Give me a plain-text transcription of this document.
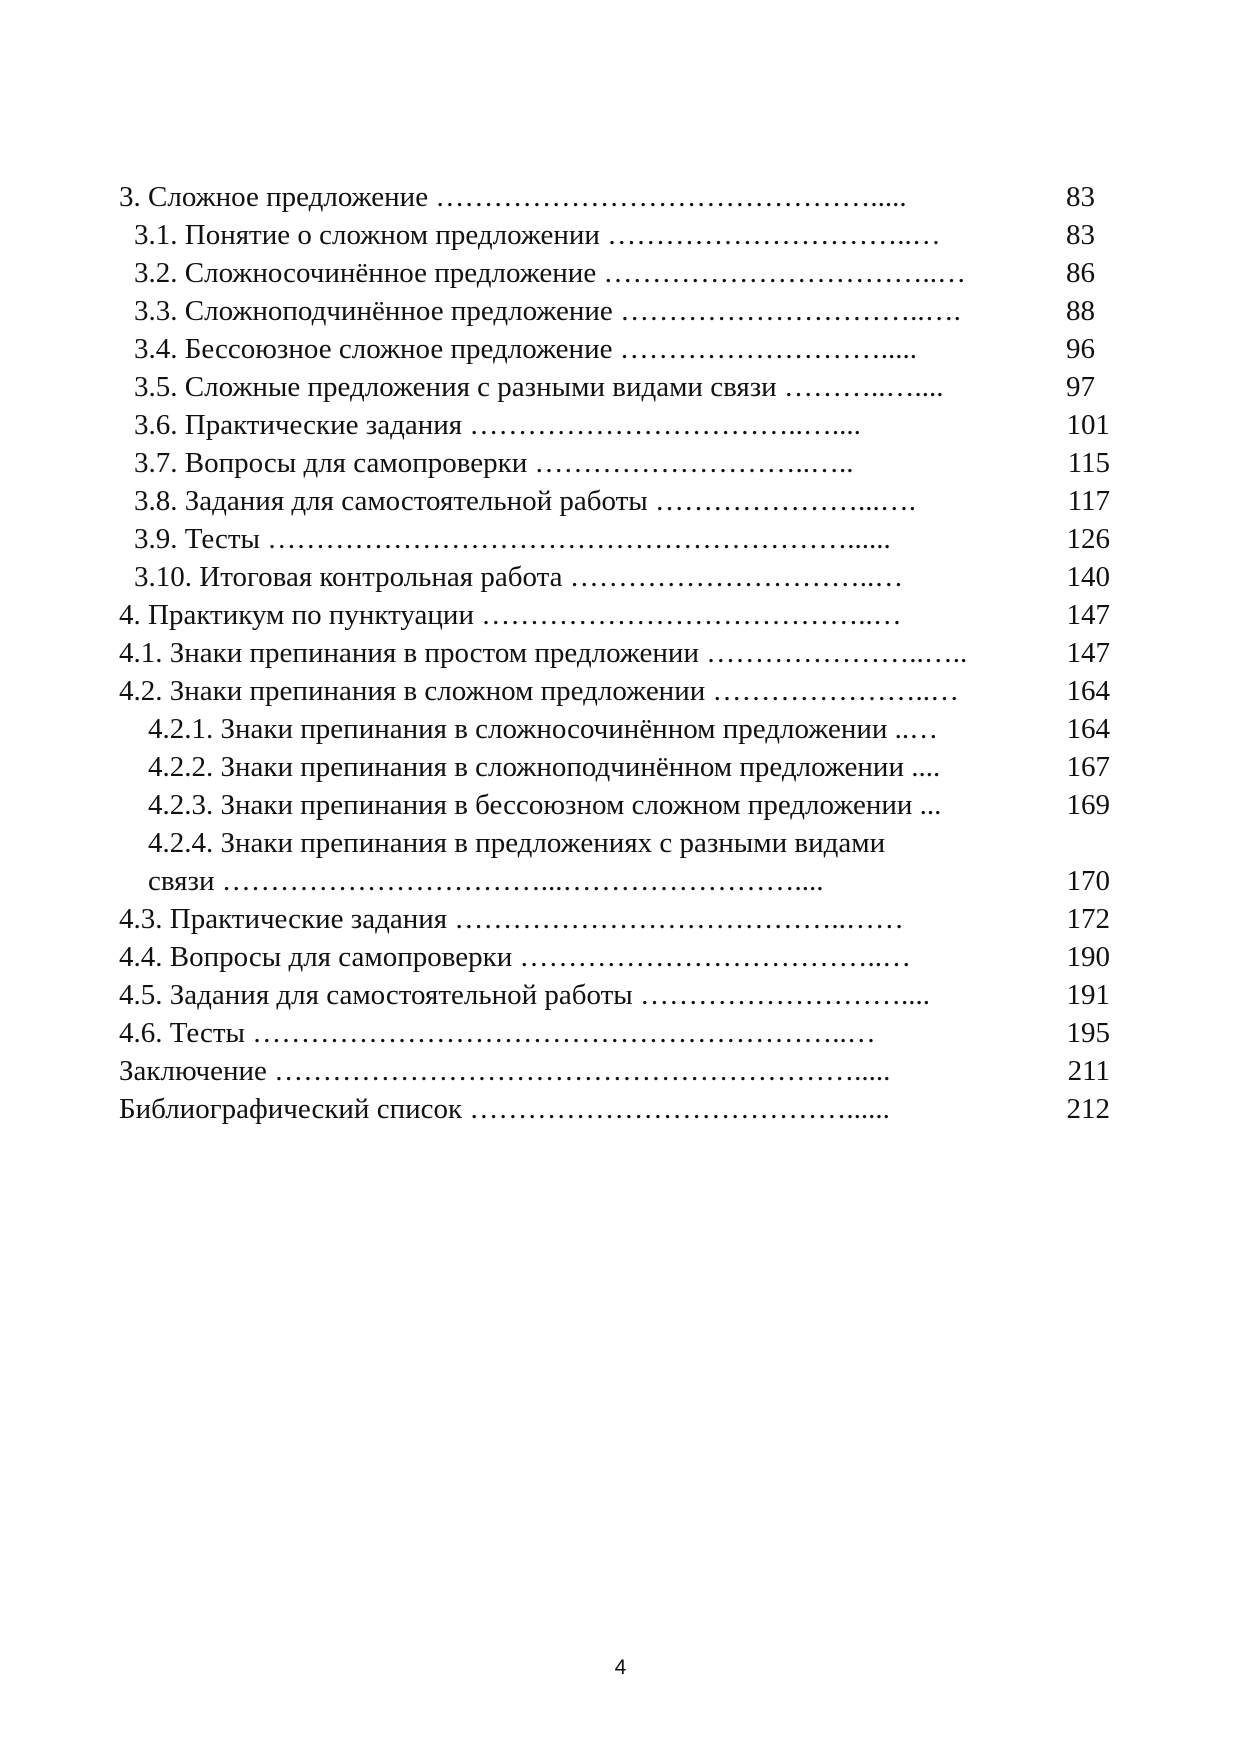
3. Сложное предложение ……………………………………….....	83
3.1. Понятие о сложном предложении …………………………..…	83
3.2. Сложносочинённое предложение ……………………………..…	86
3.3. Сложноподчинённое предложение …………………………..….	88
3.4. Бессоюзное сложное предложение ……………………….....	96
3.5. Сложные предложения с разными видами связи ………..…....	97
3.6. Практические задания ……………………………..…....	101
3.7. Вопросы для самопроверки ………………………..…..	115
3.8. Задания для самостоятельной работы …………………...….	117
3.9. Тесты ……………………………………………………......	126
3.10. Итоговая контрольная работа …………………………..…	140
4. Практикум по пунктуации …………………………………..…	147
4.1. Знаки препинания в простом предложении …………………..…..	147
4.2. Знаки препинания в сложном предложении …………………..…	164
4.2.1. Знаки препинания в сложносочинённом предложении ..…	164
4.2.2. Знаки препинания в сложноподчинённом предложении ....	167
4.2.3. Знаки препинания в бессоюзном сложном предложении ...	169
4.2.4. Знаки препинания в предложениях с разными видами
связи ……………………………...……………………....	170
4.3. Практические задания …………………………………..……	172
4.4. Вопросы для самопроверки ………………………………..…	190
4.5. Задания для самостоятельной работы ………………………....	191
4.6. Тесты ……………………………………………………..…	195
Заключение …………………………………………………….....	211
Библиографический список …………………………………......	212
4
